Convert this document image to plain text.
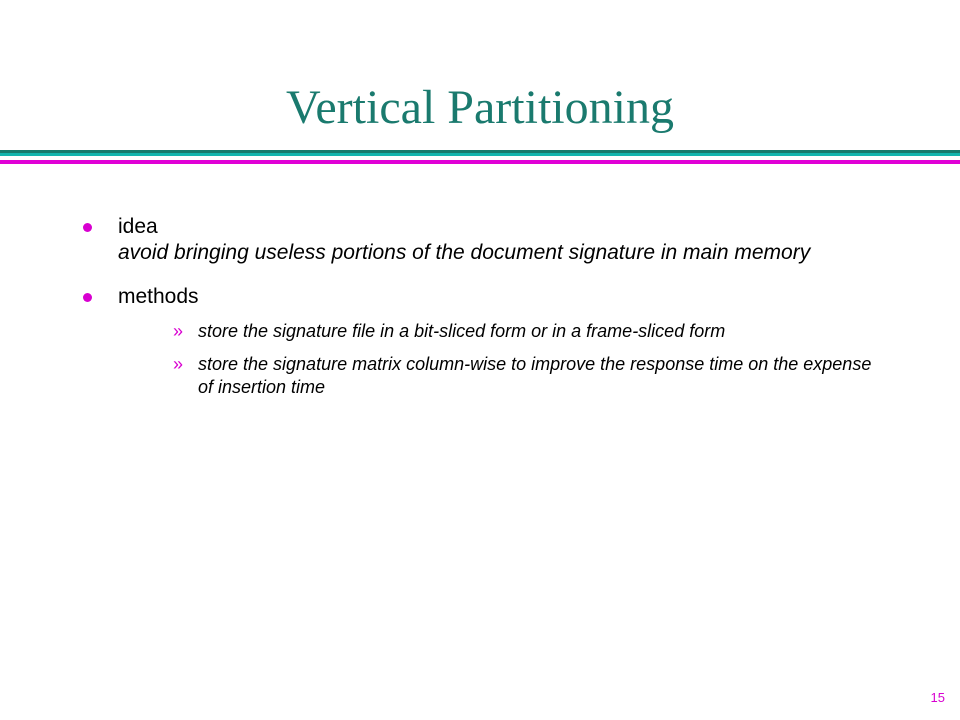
Vertical Partitioning
idea
avoid bringing useless portions of the document signature in main memory
methods
» store the signature file in a bit-sliced form or in a frame-sliced form
» store the signature matrix column-wise to improve the response time on the expense of insertion time
15
